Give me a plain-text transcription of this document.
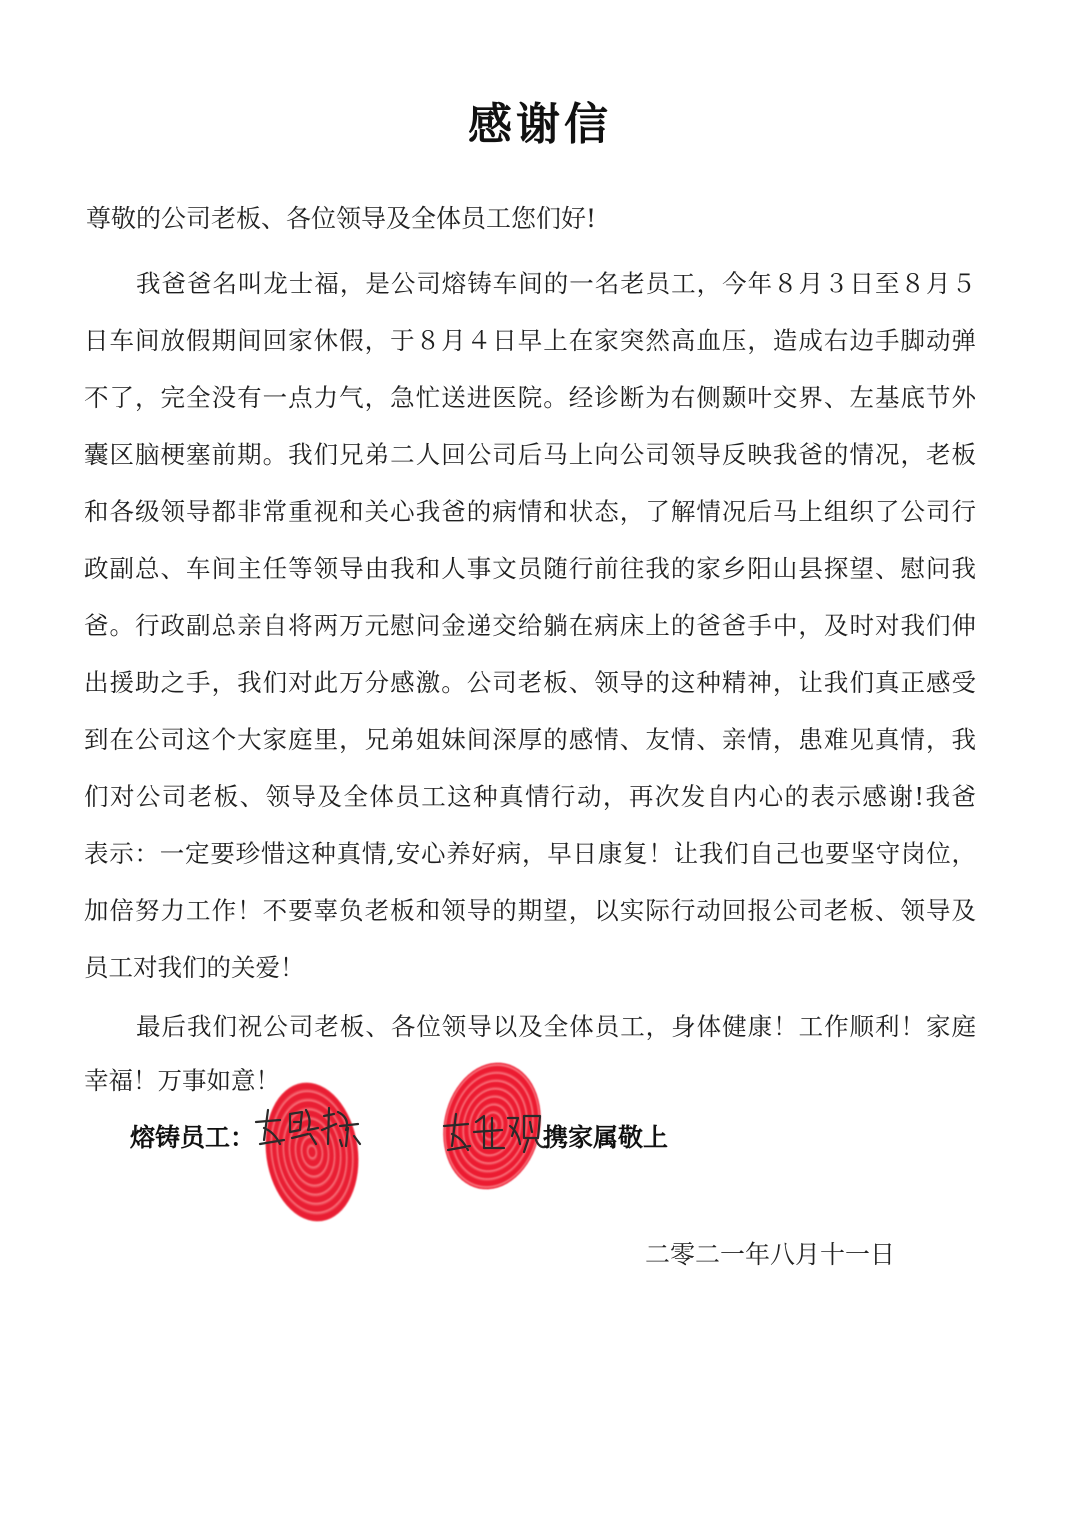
感谢信
尊敬的公司老板、各位领导及全体员工您们好!
我爸爸名叫龙士福，是公司熔铸车间的一名老员工，今年８月３日至８月５
日车间放假期间回家休假，于８月４日早上在家突然高血压，造成右边手脚动弹
不了，完全没有一点力气，急忙送进医院。经诊断为右侧颞叶交界、左基底节外
囊区脑梗塞前期。我们兄弟二人回公司后马上向公司领导反映我爸的情况，老板
和各级领导都非常重视和关心我爸的病情和状态，了解情况后马上组织了公司行
政副总、车间主任等领导由我和人事文员随行前往我的家乡阳山县探望、慰问我
爸。行政副总亲自将两万元慰问金递交给躺在病床上的爸爸手中，及时对我们伸
出援助之手，我们对此万分感激。公司老板、领导的这种精神，让我们真正感受
到在公司这个大家庭里，兄弟姐妹间深厚的感情、友情、亲情，患难见真情，我
们对公司老板、领导及全体员工这种真情行动，再次发自内心的表示感谢!我爸
表示：一定要珍惜这种真情,安心养好病，早日康复！让我们自己也要坚守岗位，
加倍努力工作！不要辜负老板和领导的期望，以实际行动回报公司老板、领导及
员工对我们的关爱！
最后我们祝公司老板、各位领导以及全体员工，身体健康！工作顺利！家庭
幸福！万事如意！
熔铸员工：	携家属敬上
二零二一年八月十一日
